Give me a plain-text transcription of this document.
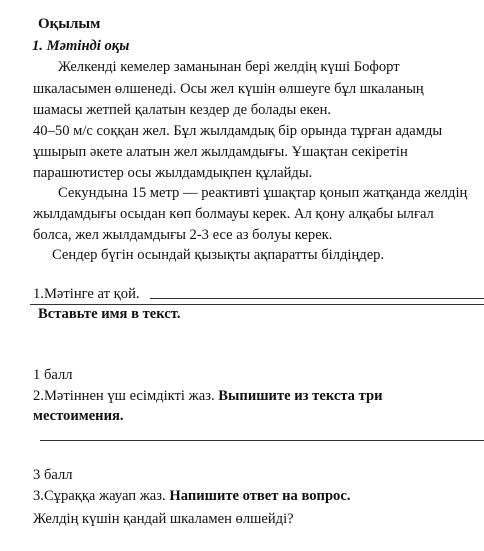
Оқылым
1. Мәтінді оқы
Желкенді кемелер заманынан бері желдің күші Бофорт
шкаласымен өлшенеді. Осы жел күшін өлшеуге бұл шкаланың
шамасы жетпей қалатын кездер де болады екен.
40–50 м/с соққан жел. Бұл жылдамдық бір орында тұрған адамды
ұшырып әкете алатын жел жылдамдығы. Ұшақтан секіретін
парашютистер осы жылдамдықпен құлайды.
Секундына 15 метр — реактивті ұшақтар қонып жатқанда желдің
жылдамдығы осыдан көп болмауы керек. Ал қону алқабы ылғал
болса, жел жылдамдығы 2-3 есе аз болуы керек.
Сендер бүгін осындай қызықты ақпаратты білдіңдер.
1.Мәтінге ат қой.
Вставьте имя в текст.
1 балл
2.Мәтіннен үш есімдікті жаз. Выпишите из текста три
местоимения.
3 балл
3.Сұраққа жауап жаз. Напишите ответ на вопрос.
Желдің күшін қандай шкаламен өлшейді?
